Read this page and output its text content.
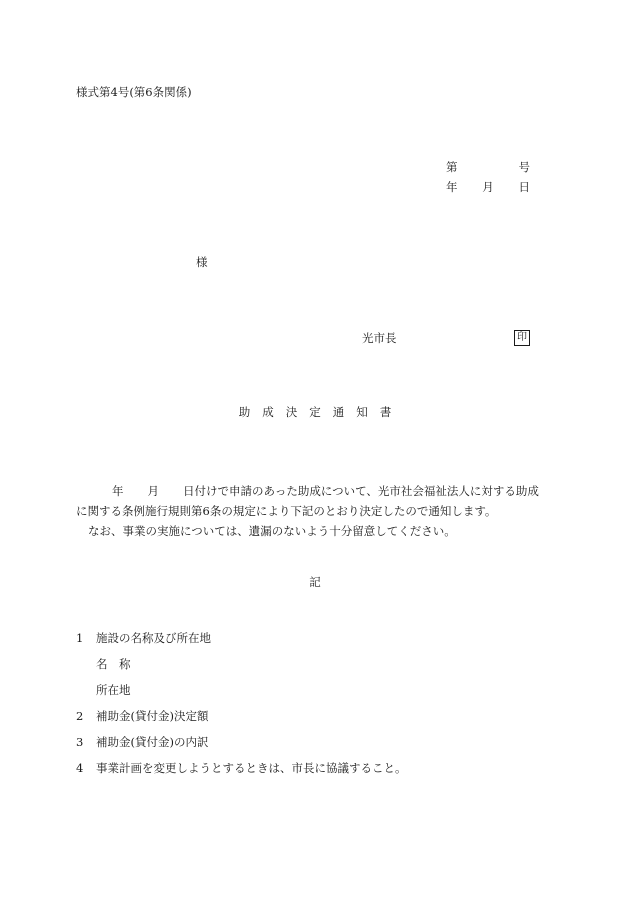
様式第4号(第6条関係)
第	号
年 月 日
様
光市長	印
助 成 決 定 通 知 書

年 月 日付けで申請のあった助成について、光市社会福祉法人に対する助成

に関する条例施行規則第6条の規定により下記のとおり決定したので通知します。

なお、事業の実施については、遺漏のないよう十分留意してください。

記
1 施設の名称及び所在地
名　称
所在地
2 補助金(貸付金)決定額
3 補助金(貸付金)の内訳
4 事業計画を変更しようとするときは、市長に協議すること。
